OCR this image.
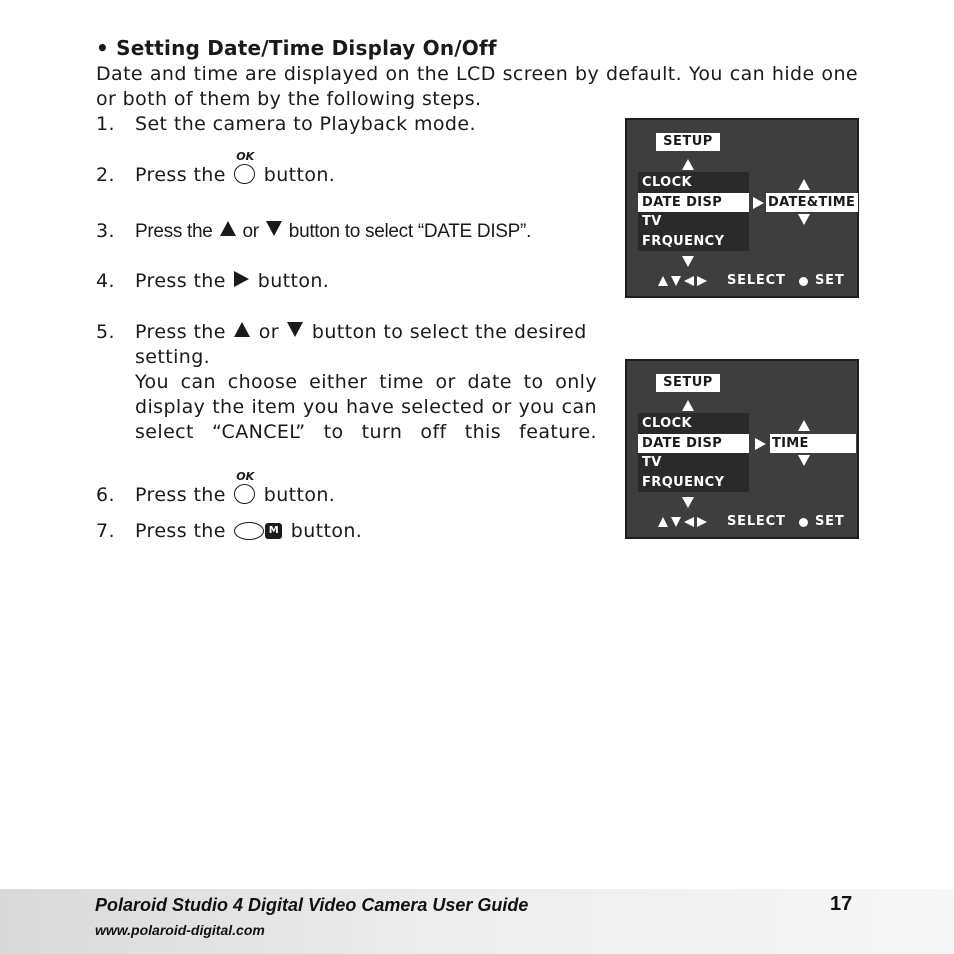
• Setting Date/Time Display On/Off
Date and time are displayed on the LCD screen by default. You can hide one or both of them by the following steps.
1.	Set the camera to Playback mode.
2.	Press the
OK
button.
3.	Press the or button to select “DATE DISP”.
4.	Press the button.
5.	Press the or button to select the desired
setting.
You can choose either time or date to only display the item you have selected or you can select “CANCEL” to turn off this feature.
6.	Press the
OK
button.
7.	Press the	M button.
SETUP
CLOCK
DATE DISP
TV
FRQUENCY
DATE&TIME
SELECT SET
SETUP
CLOCK
DATE DISP
TV
FRQUENCY
TIME
SELECT SET
Polaroid Studio 4 Digital Video Camera User Guide	17
www.polaroid-digital.com
